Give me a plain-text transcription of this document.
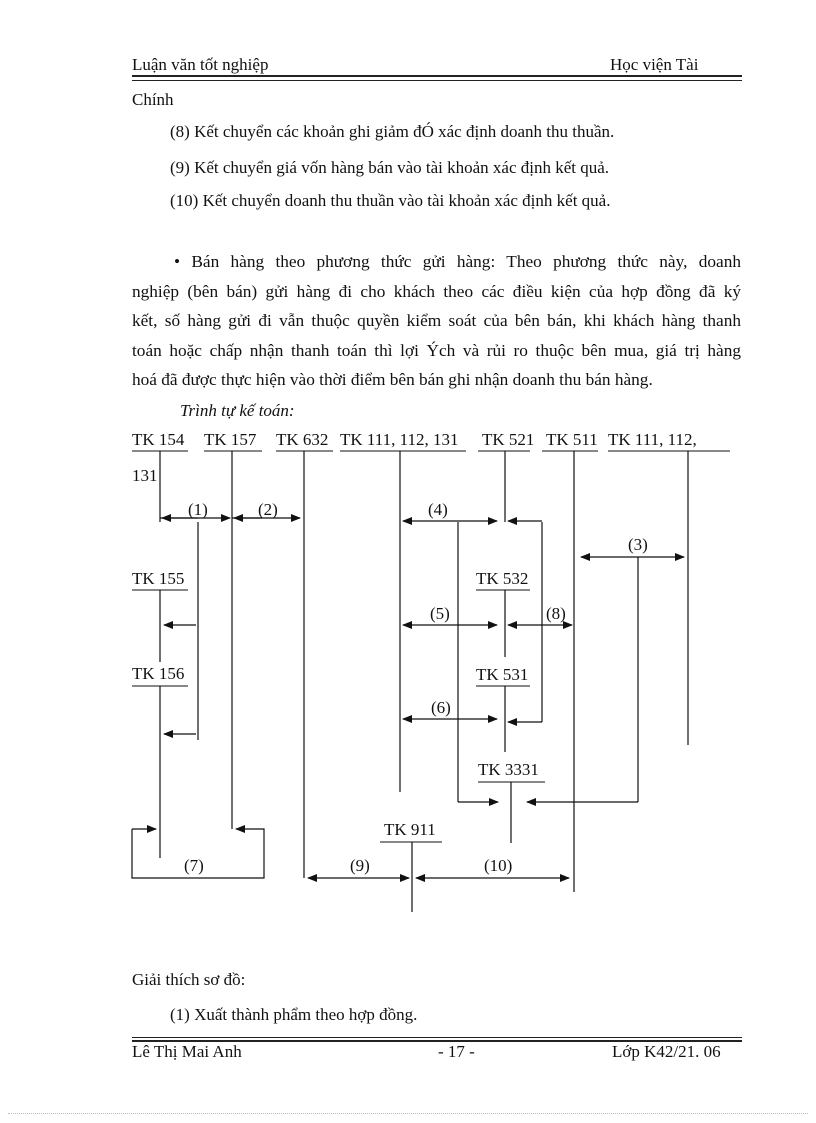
Luận văn tốt nghiệp	Học viện Tài
Chính
(8) Kết chuyển các khoản ghi giảm đÓ xác định doanh thu thuần.
(9) Kết chuyển giá vốn hàng bán vào tài khoản xác định kết quả.
(10) Kết chuyển doanh thu thuần vào tài khoản xác định kết quả.
• Bán hàng theo phương thức gửi hàng: Theo phương thức này, doanh
nghiệp (bên bán) gửi hàng đi cho khách theo các điều kiện của hợp đồng đã ký
kết, số hàng gửi đi vẫn thuộc quyền kiểm soát của bên bán, khi khách hàng thanh
toán hoặc chấp nhận thanh toán thì lợi Ých và rủi ro thuộc bên mua, giá trị hàng
hoá đã được thực hiện vào thời điểm bên bán ghi nhận doanh thu bán hàng.
Trình tự kế toán:
TK 154 TK 157 TK 632 TK 111, 112, 131 TK 521 TK 511 TK 111, 112,
131
TK 155
TK 156
TK 532
TK 531
TK 3331
TK 911
(1)	(2)
(3)
(4)
(5)
(6)
(7)
(8)
(9)	(10)
Giải thích sơ đồ:
(1) Xuất thành phẩm theo hợp đồng.
Lê Thị Mai Anh	- 17 -	Lớp K42/21. 06
